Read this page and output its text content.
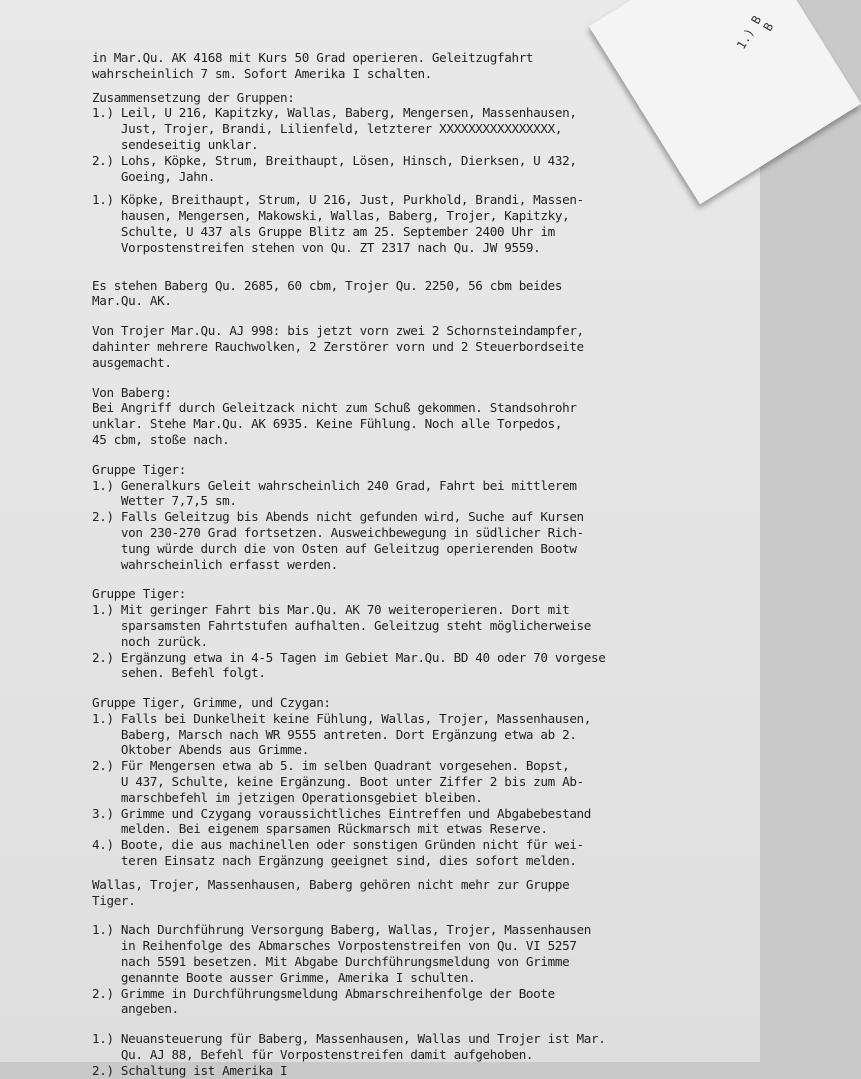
1.) B
B
in Mar.Qu. AK 4168 mit Kurs 50 Grad operieren. Geleitzugfahrt
wahrscheinlich 7 sm. Sofort Amerika I schalten.
Zusammensetzung der Gruppen:
1.) Leil, U 216, Kapitzky, Wallas, Baberg, Mengersen, Massenhausen,
Just, Trojer, Brandi, Lilienfeld, letzterer XXXXXXXXXXXXXXXX,
sendeseitig unklar.
2.) Lohs, Köpke, Strum, Breithaupt, Lösen, Hinsch, Dierksen, U 432,
Goeing, Jahn.
1.) Köpke, Breithaupt, Strum, U 216, Just, Purkhold, Brandi, Massen-
hausen, Mengersen, Makowski, Wallas, Baberg, Trojer, Kapitzky,
Schulte, U 437 als Gruppe Blitz am 25. September 2400 Uhr im
Vorpostenstreifen stehen von Qu. ZT 2317 nach Qu. JW 9559.
Es stehen Baberg Qu. 2685, 60 cbm, Trojer Qu. 2250, 56 cbm beides
Mar.Qu. AK.
Von Trojer Mar.Qu. AJ 998: bis jetzt vorn zwei 2 Schornsteindampfer,
dahinter mehrere Rauchwolken, 2 Zerstörer vorn und 2 Steuerbordseite
ausgemacht.
Von Baberg:
Bei Angriff durch Geleitzack nicht zum Schuß gekommen. Standsohrohr
unklar. Stehe Mar.Qu. AK 6935. Keine Fühlung. Noch alle Torpedos,
45 cbm, stoße nach.
Gruppe Tiger:
1.) Generalkurs Geleit wahrscheinlich 240 Grad, Fahrt bei mittlerem
Wetter 7,7,5 sm.
2.) Falls Geleitzug bis Abends nicht gefunden wird, Suche auf Kursen
von 230-270 Grad fortsetzen. Ausweichbewegung in südlicher Rich-
tung würde durch die von Osten auf Geleitzug operierenden Bootw
wahrscheinlich erfasst werden.
Gruppe Tiger:
1.) Mit geringer Fahrt bis Mar.Qu. AK 70 weiteroperieren. Dort mit
sparsamsten Fahrtstufen aufhalten. Geleitzug steht möglicherweise
noch zurück.
2.) Ergänzung etwa in 4-5 Tagen im Gebiet Mar.Qu. BD 40 oder 70 vorgese
sehen. Befehl folgt.
Gruppe Tiger, Grimme, und Czygan:
1.) Falls bei Dunkelheit keine Fühlung, Wallas, Trojer, Massenhausen,
Baberg, Marsch nach WR 9555 antreten. Dort Ergänzung etwa ab 2.
Oktober Abends aus Grimme.
2.) Für Mengersen etwa ab 5. im selben Quadrant vorgesehen. Bopst,
U 437, Schulte, keine Ergänzung. Boot unter Ziffer 2 bis zum Ab-
marschbefehl im jetzigen Operationsgebiet bleiben.
3.) Grimme und Czygang voraussichtliches Eintreffen und Abgabebestand
melden. Bei eigenem sparsamen Rückmarsch mit etwas Reserve.
4.) Boote, die aus machinellen oder sonstigen Gründen nicht für wei-
teren Einsatz nach Ergänzung geeignet sind, dies sofort melden.
Wallas, Trojer, Massenhausen, Baberg gehören nicht mehr zur Gruppe
Tiger.
1.) Nach Durchführung Versorgung Baberg, Wallas, Trojer, Massenhausen
in Reihenfolge des Abmarsches Vorpostenstreifen von Qu. VI 5257
nach 5591 besetzen. Mit Abgabe Durchführungsmeldung von Grimme
genannte Boote ausser Grimme, Amerika I schulten.
2.) Grimme in Durchführungsmeldung Abmarschreihenfolge der Boote
angeben.
1.) Neuansteuerung für Baberg, Massenhausen, Wallas und Trojer ist Mar.
Qu. AJ 88, Befehl für Vorpostenstreifen damit aufgehoben.
2.) Schaltung ist Amerika I
